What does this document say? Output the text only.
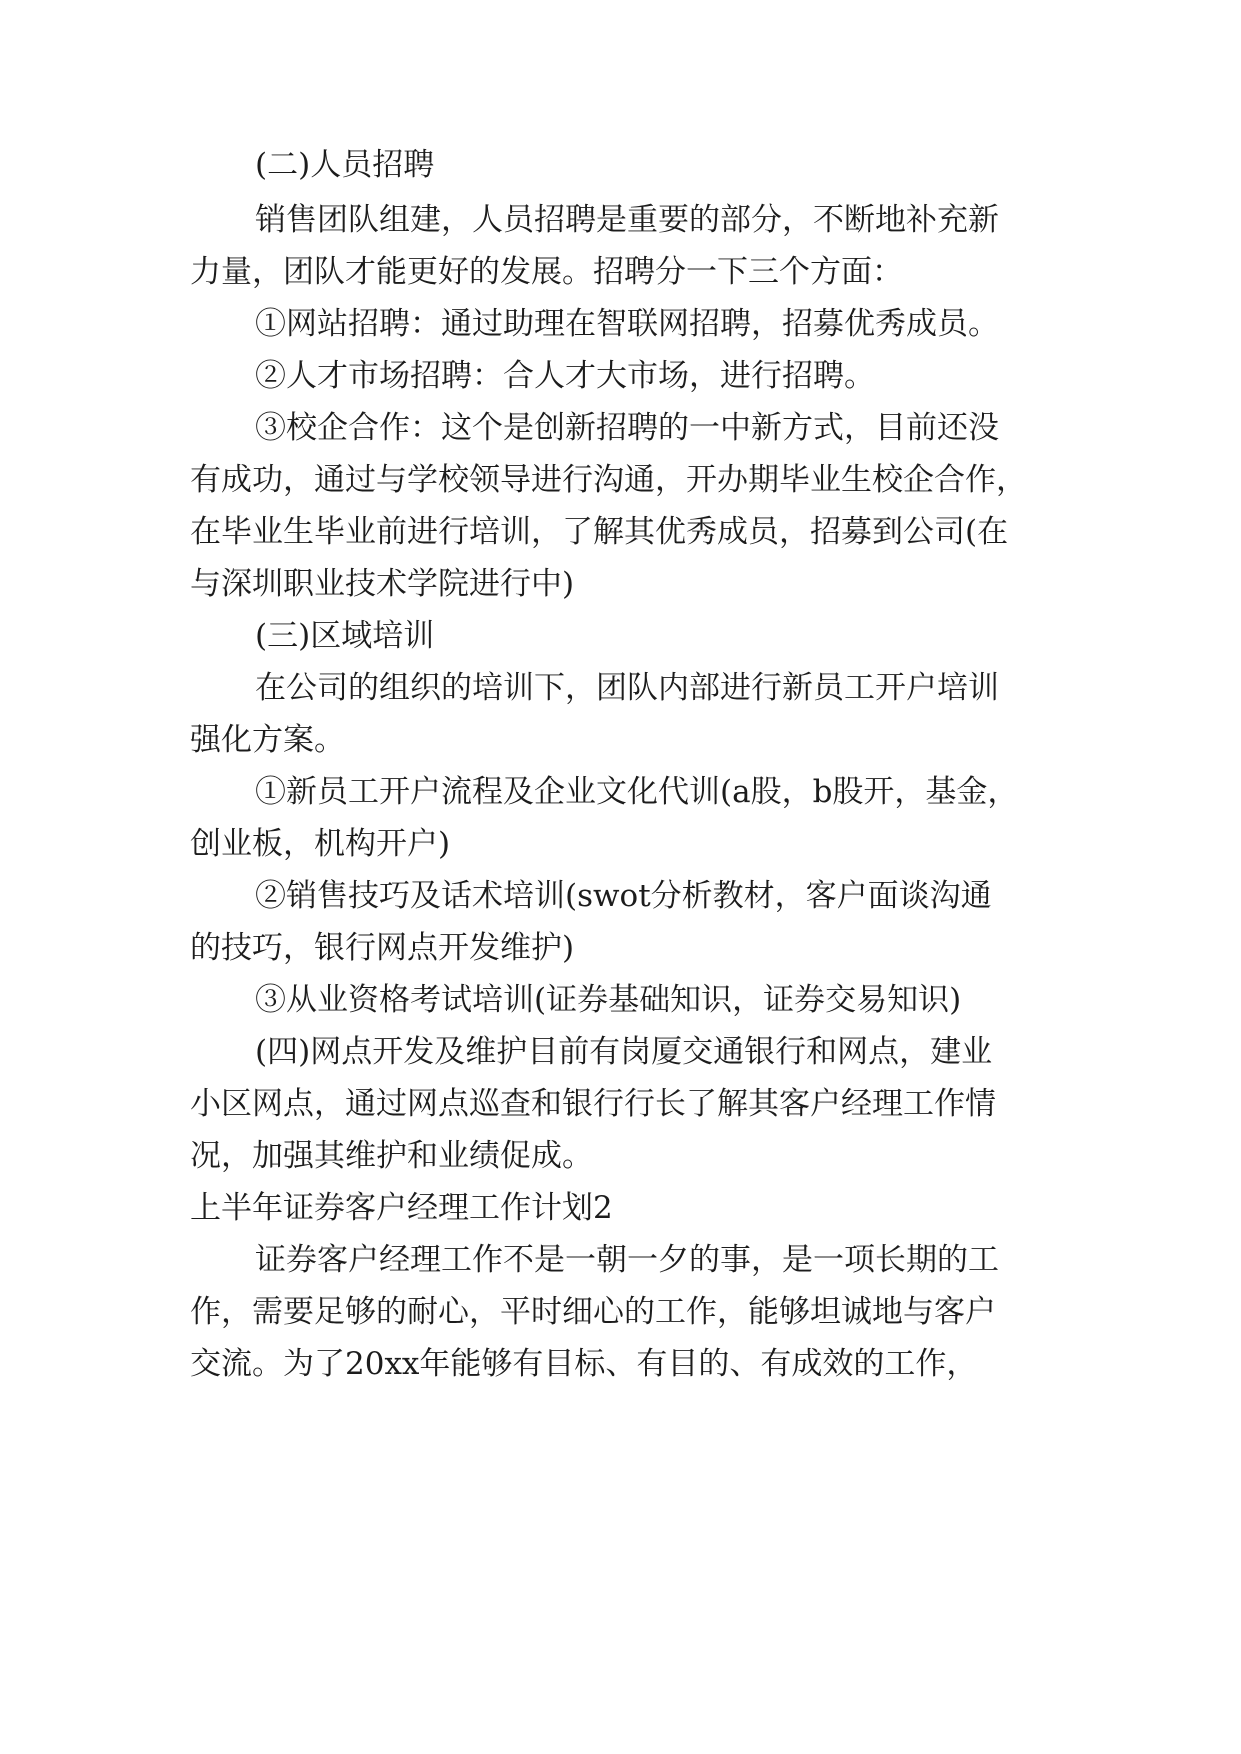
(二)人员招聘

销售团队组建，人员招聘是重要的部分，不断地补充新

力量，团队才能更好的发展。招聘分一下三个方面：

①网站招聘：通过助理在智联网招聘，招募优秀成员。

②人才市场招聘：合人才大市场，进行招聘。

③校企合作：这个是创新招聘的一中新方式，目前还没

有成功，通过与学校领导进行沟通，开办期毕业生校企合作，

在毕业生毕业前进行培训，了解其优秀成员，招募到公司(在

与深圳职业技术学院进行中)

(三)区域培训

在公司的组织的培训下，团队内部进行新员工开户培训

强化方案。

①新员工开户流程及企业文化代训(a股，b股开，基金，

创业板，机构开户)

②销售技巧及话术培训(swot分析教材，客户面谈沟通

的技巧，银行网点开发维护)

③从业资格考试培训(证券基础知识，证券交易知识)

(四)网点开发及维护目前有岗厦交通银行和网点，建业

小区网点，通过网点巡查和银行行长了解其客户经理工作情

况，加强其维护和业绩促成。

上半年证券客户经理工作计划2

证券客户经理工作不是一朝一夕的事，是一项长期的工

作，需要足够的耐心，平时细心的工作，能够坦诚地与客户

交流。为了20xx年能够有目标、有目的、有成效的工作，
